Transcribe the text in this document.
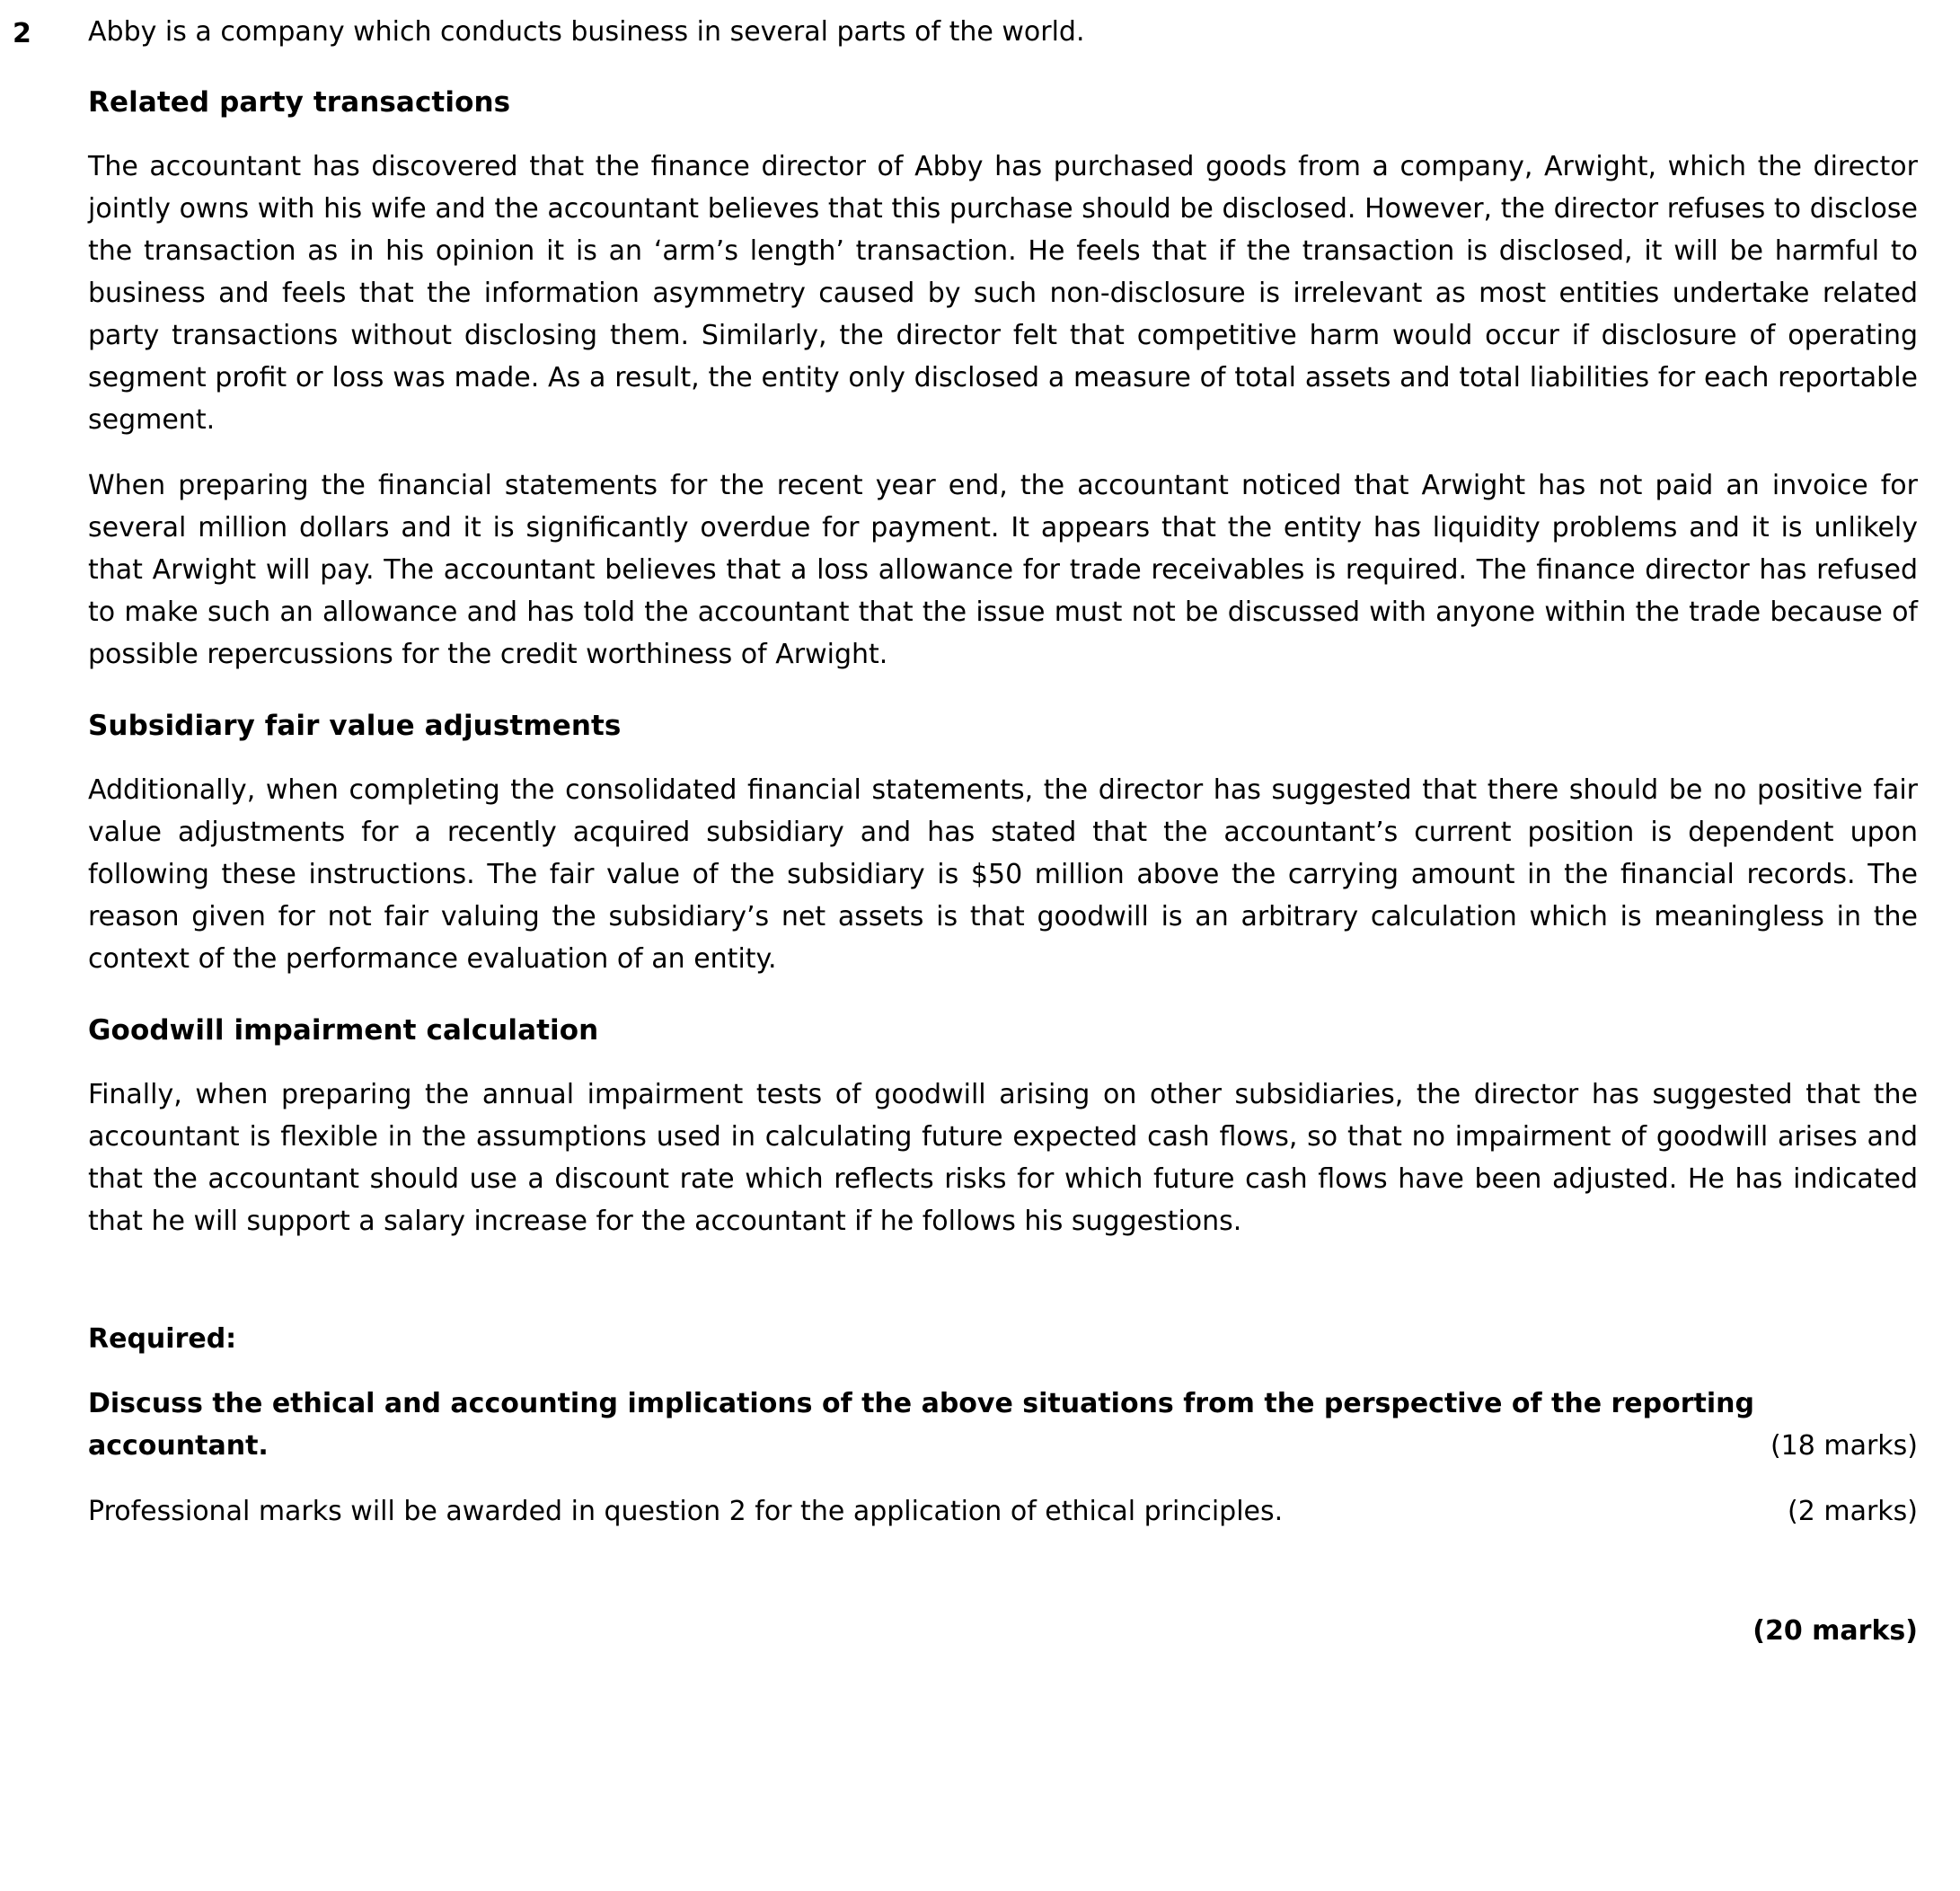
2	Abby is a company which conducts business in several parts of the world.

Related party transactions

The accountant has discovered that the finance director of Abby has purchased goods from a company, Arwight, which the director jointly owns with his wife and the accountant believes that this purchase should be disclosed. However, the director refuses to disclose the transaction as in his opinion it is an ‘arm’s length’ transaction. He feels that if the transaction is disclosed, it will be harmful to business and feels that the information asymmetry caused by such non-disclosure is irrelevant as most entities undertake related party transactions without disclosing them. Similarly, the director felt that competitive harm would occur if disclosure of operating segment profit or loss was made. As a result, the entity only disclosed a measure of total assets and total liabilities for each reportable segment.

When preparing the financial statements for the recent year end, the accountant noticed that Arwight has not paid an invoice for several million dollars and it is significantly overdue for payment. It appears that the entity has liquidity problems and it is unlikely that Arwight will pay. The accountant believes that a loss allowance for trade receivables is required. The finance director has refused to make such an allowance and has told the accountant that the issue must not be discussed with anyone within the trade because of possible repercussions for the credit worthiness of Arwight.

Subsidiary fair value adjustments

Additionally, when completing the consolidated financial statements, the director has suggested that there should be no positive fair value adjustments for a recently acquired subsidiary and has stated that the accountant’s current position is dependent upon following these instructions. The fair value of the subsidiary is $50 million above the carrying amount in the financial records. The reason given for not fair valuing the subsidiary’s net assets is that goodwill is an arbitrary calculation which is meaningless in the context of the performance evaluation of an entity.

Goodwill impairment calculation

Finally, when preparing the annual impairment tests of goodwill arising on other subsidiaries, the director has suggested that the accountant is flexible in the assumptions used in calculating future expected cash flows, so that no impairment of goodwill arises and that the accountant should use a discount rate which reflects risks for which future cash flows have been adjusted. He has indicated that he will support a salary increase for the accountant if he follows his suggestions.

Required:

Discuss the ethical and accounting implications of the above situations from the perspective of the reporting
accountant.	(18 marks)

Professional marks will be awarded in question 2 for the application of ethical principles.	(2 marks)
(20 marks)
